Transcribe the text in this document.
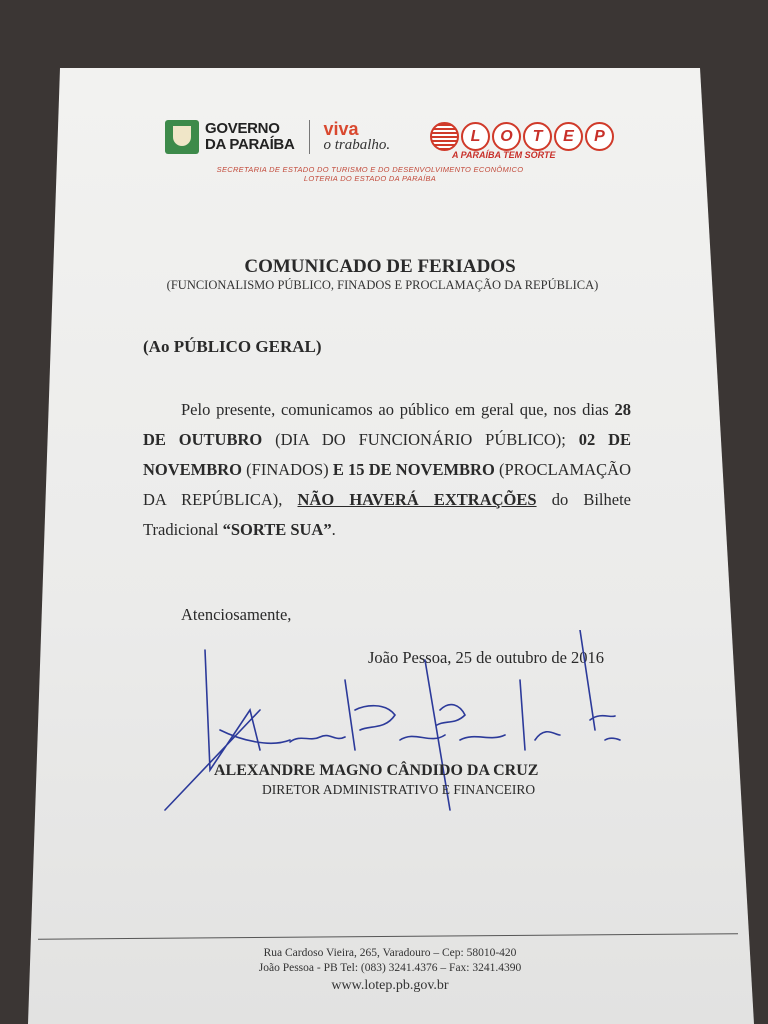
GOVERNO
DA PARAÍBA
viva
o trabalho.	L	O	T	E	P
A PARAÍBA TEM SORTE
SECRETARIA DE ESTADO DO TURISMO E DO DESENVOLVIMENTO ECONÔMICO
LOTERIA DO ESTADO DA PARAÍBA
COMUNICADO DE FERIADOS
(FUNCIONALISMO PÚBLICO, FINADOS E PROCLAMAÇÃO DA REPÚBLICA)
(Ao PÚBLICO GERAL)
Pelo presente, comunicamos ao público em geral que, nos dias 28 DE OUTUBRO (DIA DO FUNCIONÁRIO PÚBLICO); 02 DE NOVEMBRO (FINADOS) E 15 DE NOVEMBRO (PROCLAMAÇÃO DA REPÚBLICA), NÃO HAVERÁ EXTRAÇÕES do Bilhete Tradicional “SORTE SUA”.
Atenciosamente,
João Pessoa, 25 de outubro de 2016
ALEXANDRE MAGNO CÂNDIDO DA CRUZ
DIRETOR ADMINISTRATIVO E FINANCEIRO
Rua Cardoso Vieira, 265, Varadouro – Cep: 58010-420
João Pessoa - PB Tel: (083) 3241.4376 – Fax: 3241.4390
www.lotep.pb.gov.br
